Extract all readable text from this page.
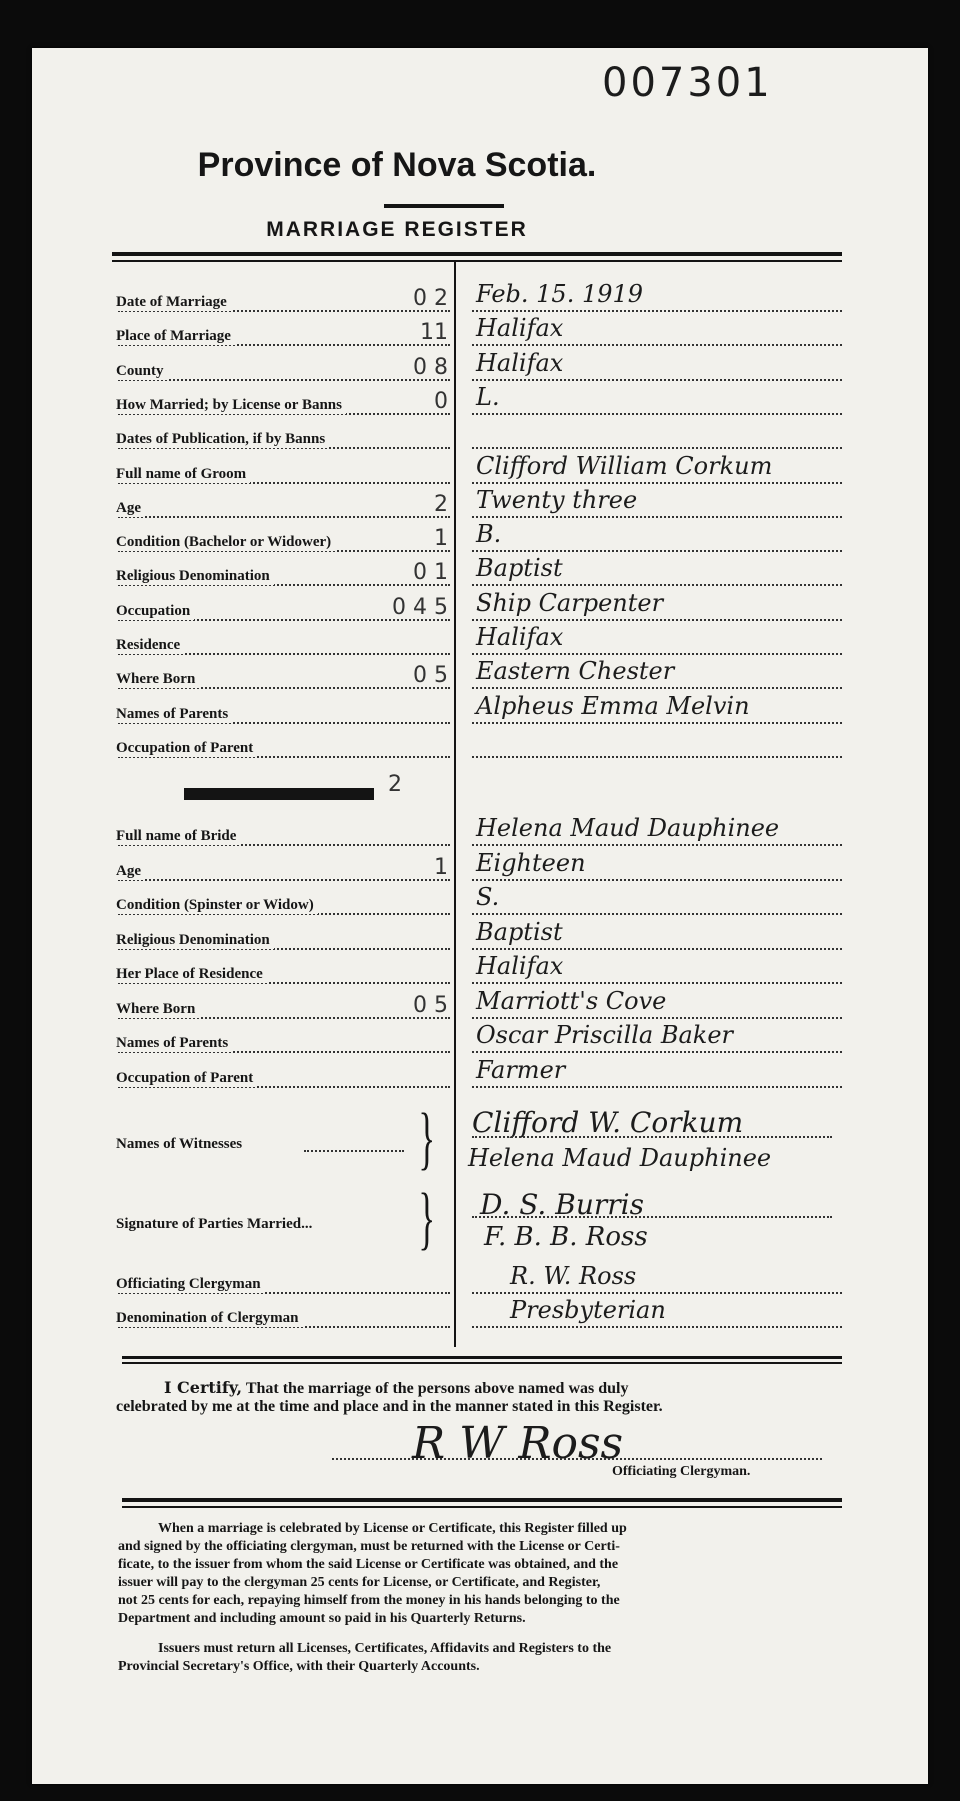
007301
Province of Nova Scotia.
MARRIAGE REGISTER
Date of Marriage	0 2 Feb. 15. 1919
Place of Marriage	11 Halifax
County	0 8 Halifax
How Married; by License or Banns	0 L.
Dates of Publication, if by Banns
Full name of Groom	Clifford William Corkum
Age	2 Twenty three
Condition (Bachelor or Widower)	1 B.
Religious Denomination	0 1 Baptist
Occupation	0 4 5 Ship Carpenter
Residence	Halifax
Where Born	0 5 Eastern Chester
Names of Parents	Alpheus Emma Melvin
Occupation of Parent
2
Full name of Bride	Helena Maud Dauphinee
Age	1 Eighteen
Condition (Spinster or Widow)	S.
Religious Denomination	Baptist
Her Place of Residence	Halifax
Where Born	0 5 Marriott's Cove
Names of Parents	Oscar Priscilla Baker
Occupation of Parent	Farmer
Names of Witnesses	} Clifford W. Corkum
Helena Maud Dauphinee
Signature of Parties Married... } D. S. Burris
F. B. B. Ross
Officiating Clergyman	R. W. Ross
Denomination of Clergyman	Presbyterian
I Certify, That the marriage of the persons above named was duly
celebrated by me at the time and place and in the manner stated in this Register.
R W Ross
Officiating Clergyman.
When a marriage is celebrated by License or Certificate, this Register filled up
and signed by the officiating clergyman, must be returned with the License or Certi-
ficate, to the issuer from whom the said License or Certificate was obtained, and the
issuer will pay to the clergyman 25 cents for License, or Certificate, and Register,
not 25 cents for each, repaying himself from the money in his hands belonging to the
Department and including amount so paid in his Quarterly Returns.
Issuers must return all Licenses, Certificates, Affidavits and Registers to the
Provincial Secretary's Office, with their Quarterly Accounts.
